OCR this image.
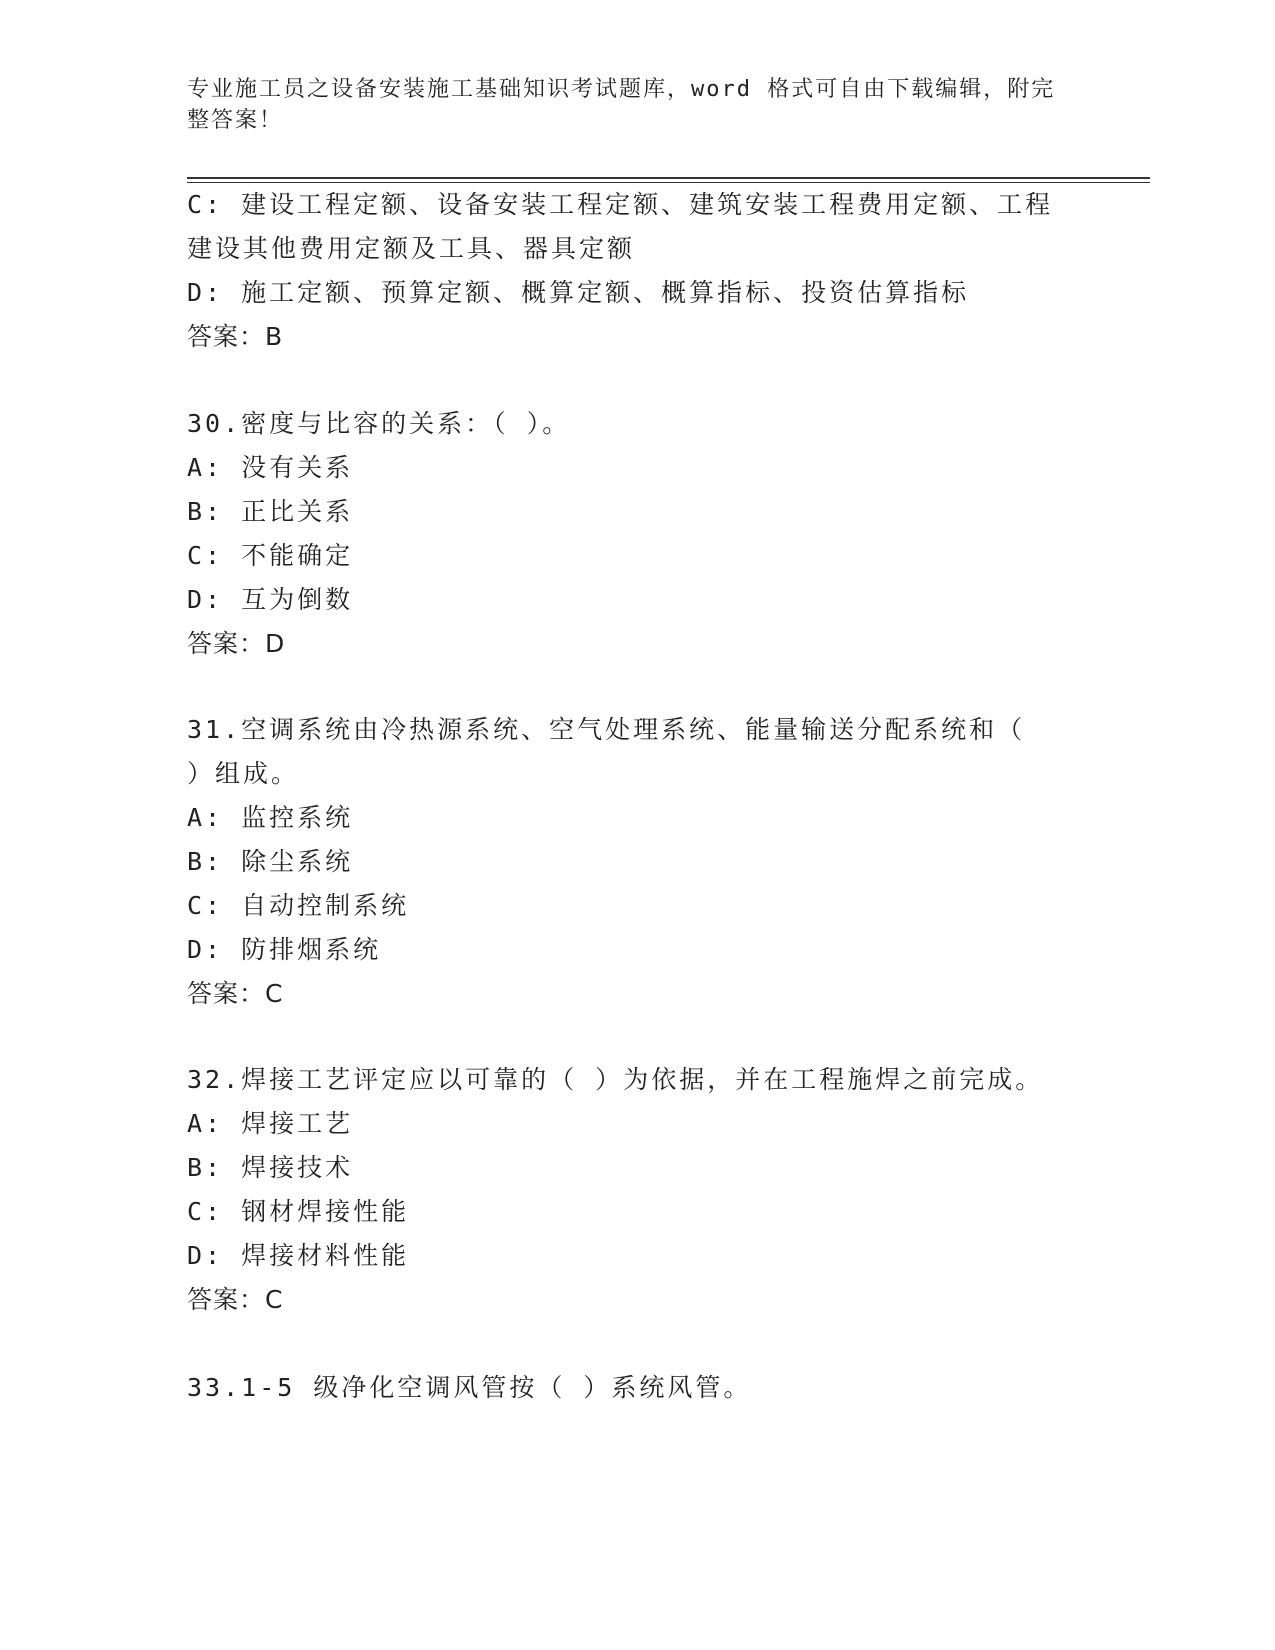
专业施工员之设备安装施工基础知识考试题库，word 格式可自由下载编辑，附完
整答案！
C: 建设工程定额、设备安装工程定额、建筑安装工程费用定额、工程
建设其他费用定额及工具、器具定额
D: 施工定额、预算定额、概算定额、概算指标、投资估算指标
答案：B
30.密度与比容的关系：（ ）。
A: 没有关系
B: 正比关系
C: 不能确定
D: 互为倒数
答案：D
31.空调系统由冷热源系统、空气处理系统、能量输送分配系统和（
）组成。
A: 监控系统
B: 除尘系统
C: 自动控制系统
D: 防排烟系统
答案：C
32.焊接工艺评定应以可靠的（ ）为依据，并在工程施焊之前完成。
A: 焊接工艺
B: 焊接技术
C: 钢材焊接性能
D: 焊接材料性能
答案：C
33.1-5 级净化空调风管按（ ）系统风管。
